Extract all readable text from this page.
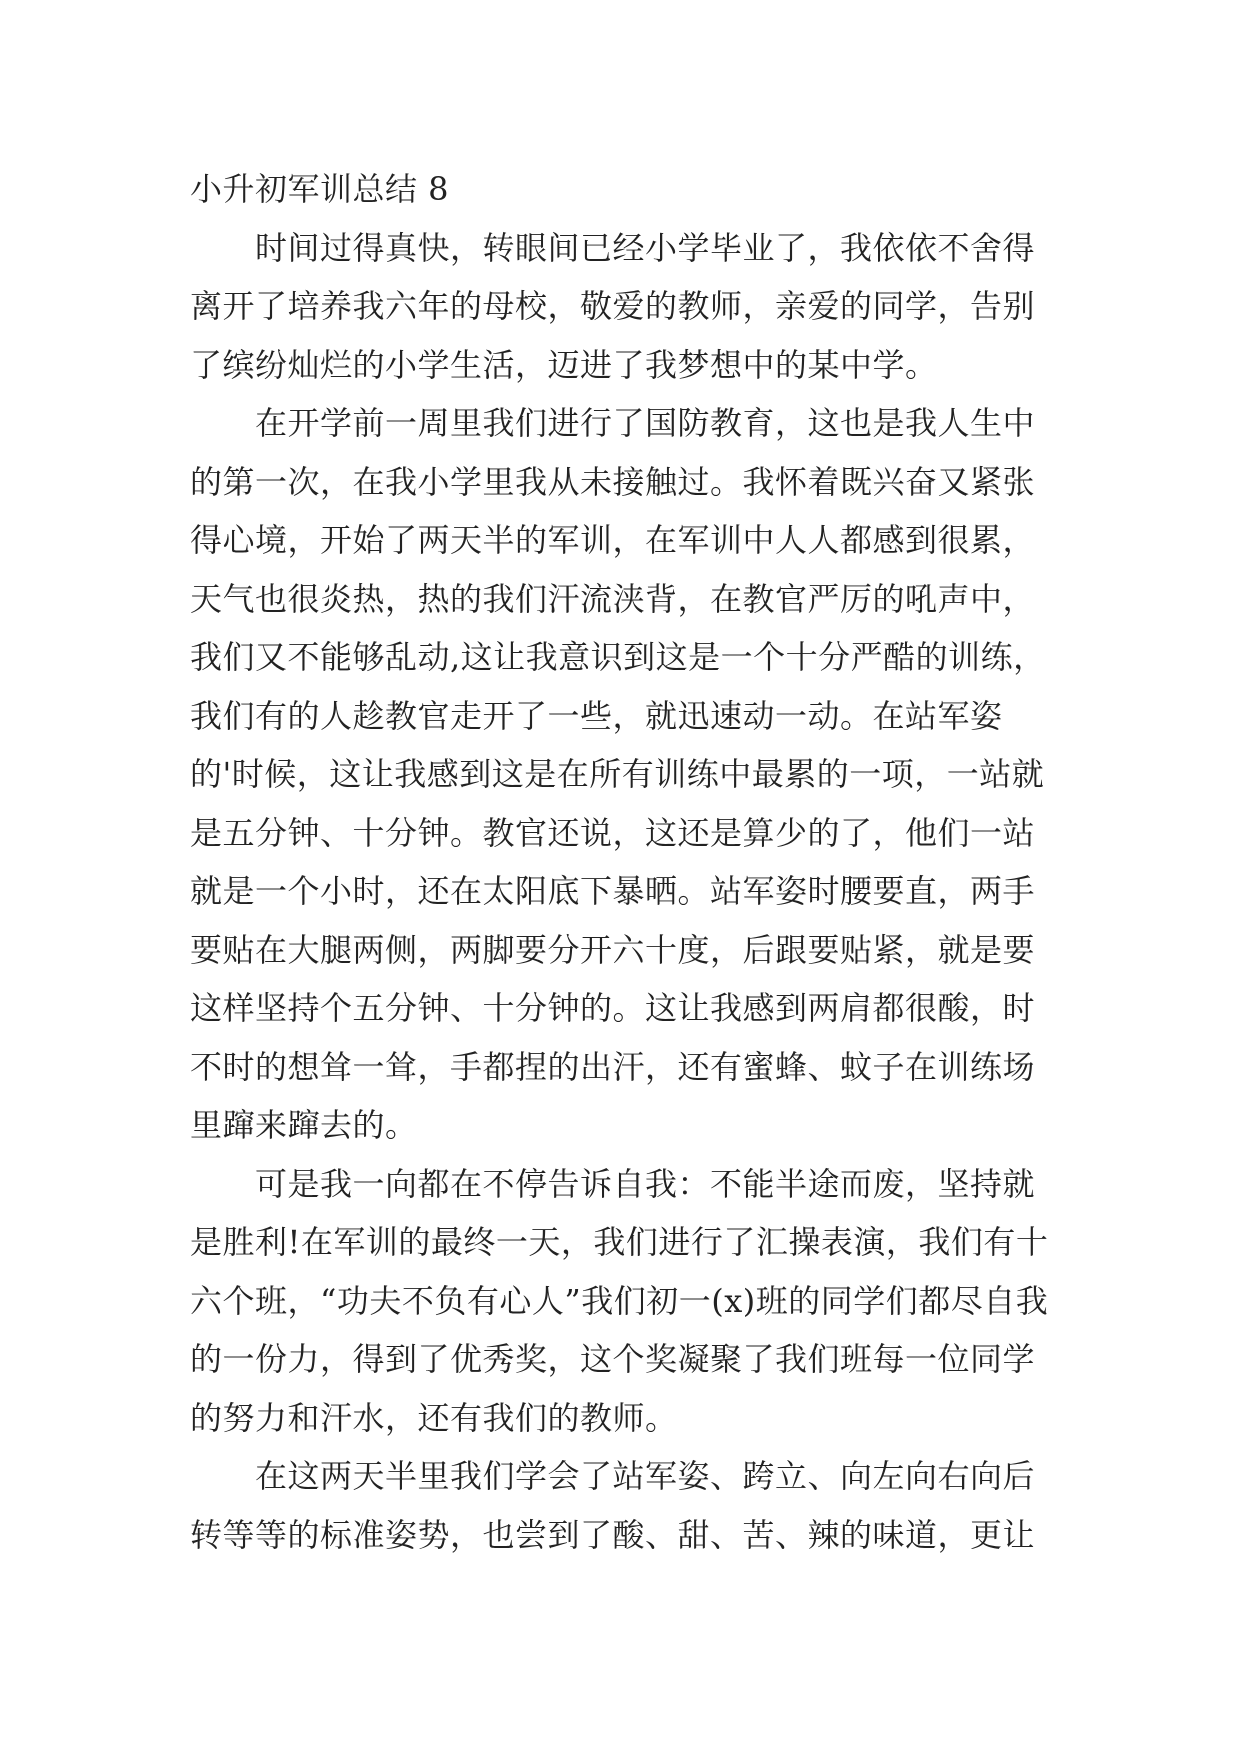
小升初军训总结 8

　　时间过得真快，转眼间已经小学毕业了，我依依不舍得离开了培养我六年的母校，敬爱的教师，亲爱的同学，告别了缤纷灿烂的小学生活，迈进了我梦想中的某中学。

　　在开学前一周里我们进行了国防教育，这也是我人生中的第一次，在我小学里我从未接触过。我怀着既兴奋又紧张得心境，开始了两天半的军训，在军训中人人都感到很累，天气也很炎热，热的我们汗流浃背，在教官严厉的吼声中，我们又不能够乱动,这让我意识到这是一个十分严酷的训练，我们有的人趁教官走开了一些，就迅速动一动。在站军姿的'时候，这让我感到这是在所有训练中最累的一项，一站就是五分钟、十分钟。教官还说，这还是算少的了，他们一站就是一个小时，还在太阳底下暴晒。站军姿时腰要直，两手要贴在大腿两侧，两脚要分开六十度，后跟要贴紧，就是要这样坚持个五分钟、十分钟的。这让我感到两肩都很酸，时不时的想耸一耸，手都捏的出汗，还有蜜蜂、蚊子在训练场里蹿来蹿去的。

　　可是我一向都在不停告诉自我：不能半途而废，坚持就是胜利!在军训的最终一天，我们进行了汇操表演，我们有十六个班，“功夫不负有心人”我们初一(x)班的同学们都尽自我的一份力，得到了优秀奖，这个奖凝聚了我们班每一位同学的努力和汗水，还有我们的教师。

　　在这两天半里我们学会了站军姿、跨立、向左向右向后转等等的标准姿势，也尝到了酸、甜、苦、辣的味道，更让
